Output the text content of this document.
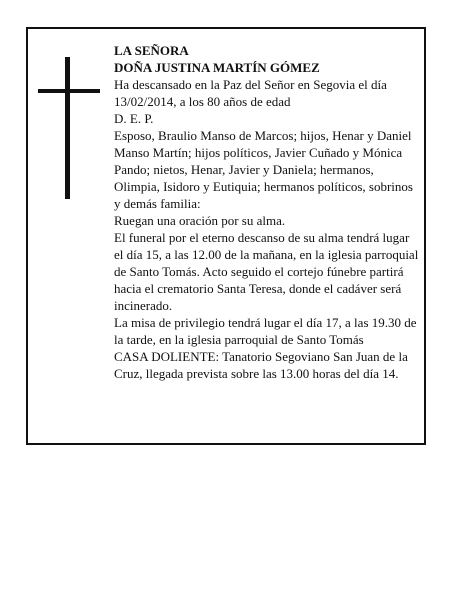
LA SEÑORA

DOÑA JUSTINA MARTÍN GÓMEZ

Ha descansado en la Paz del Señor en Segovia el día 13/02/2014, a los 80 años de edad

D. E. P.

Esposo, Braulio Manso de Marcos; hijos, Henar y Daniel Manso Martín; hijos políticos, Javier Cuñado y Mónica Pando; nietos, Henar, Javier y Daniela; hermanos, Olimpia, Isidoro y Eutiquia; hermanos políticos, sobrinos y demás familia:

Ruegan una oración por su alma.

El funeral por el eterno descanso de su alma tendrá lugar el día 15, a las 12.00 de la mañana, en la iglesia parroquial de Santo Tomás. Acto seguido el cortejo fúnebre partirá hacia el crematorio Santa Teresa, donde el cadáver será incinerado.

La misa de privilegio tendrá lugar el día 17, a las 19.30 de la tarde, en la iglesia parroquial de Santo Tomás

CASA DOLIENTE: Tanatorio Segoviano San Juan de la Cruz, llegada prevista sobre las 13.00 horas del día 14.
